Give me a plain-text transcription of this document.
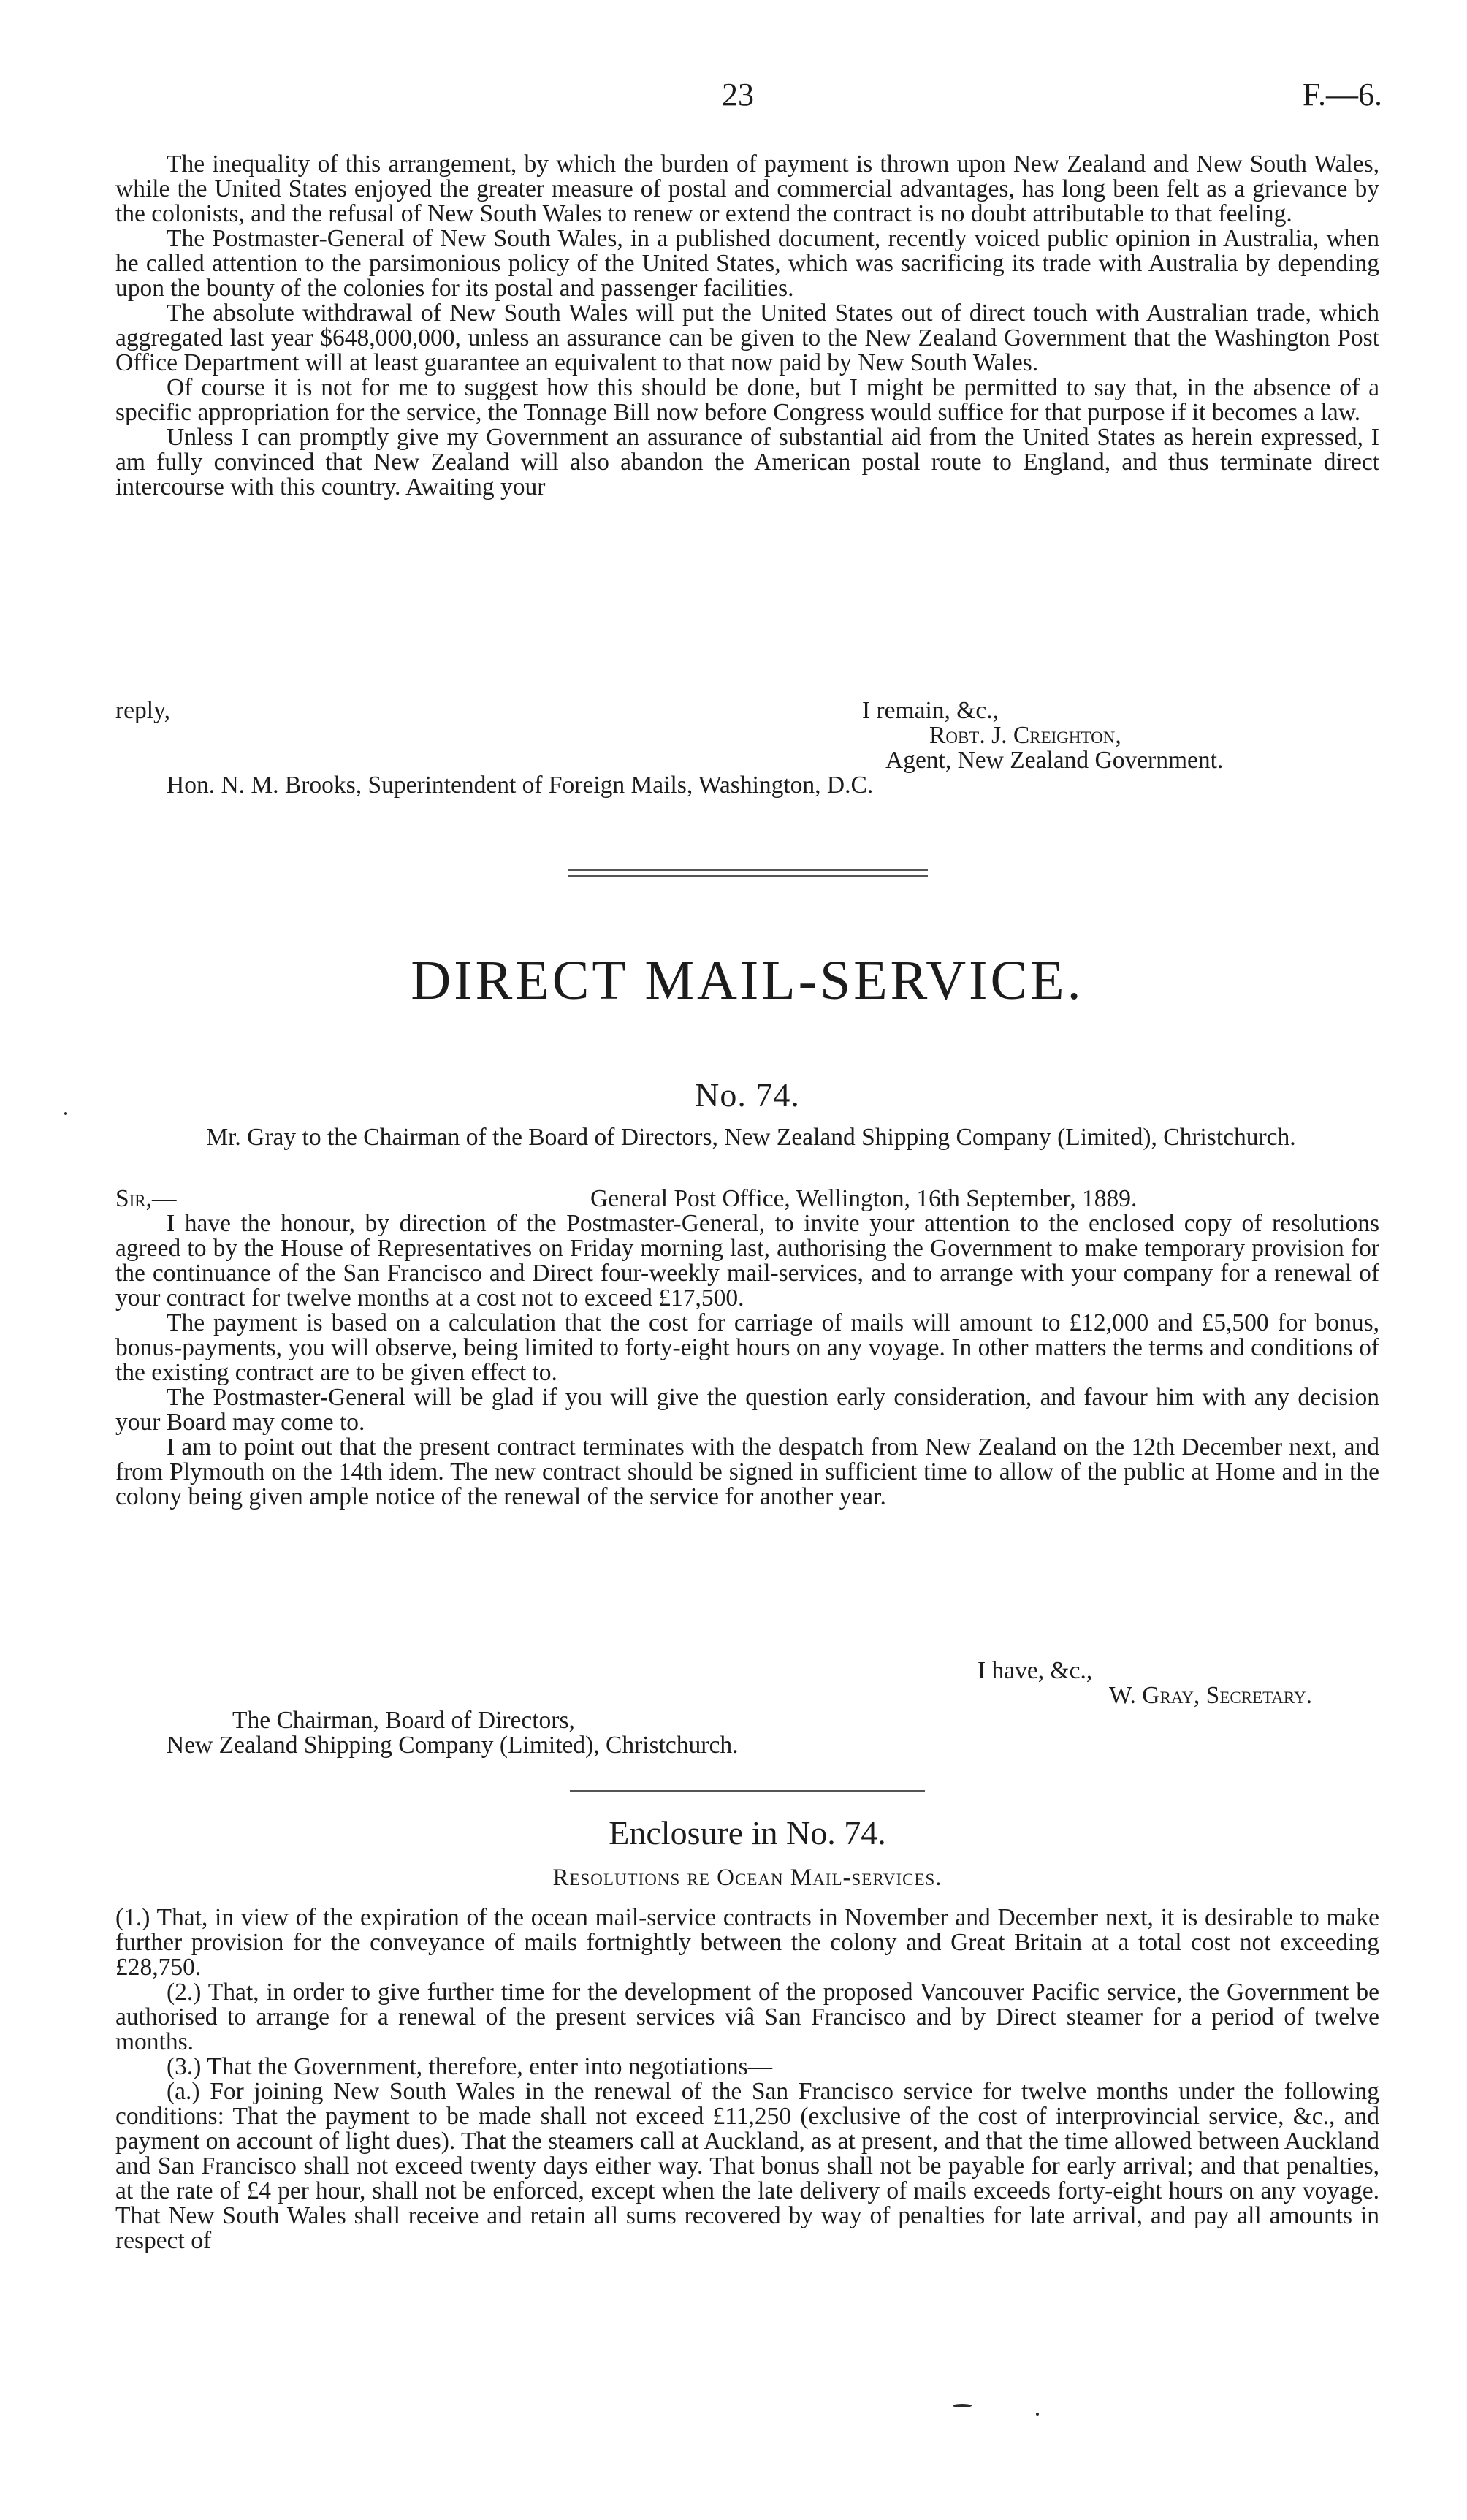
23	F.—6.

The inequality of this arrangement, by which the burden of payment is thrown upon New Zealand and New South Wales, while the United States enjoyed the greater measure of postal and commercial advantages, has long been felt as a grievance by the colonists, and the refusal of New South Wales to renew or extend the contract is no doubt attributable to that feeling.

The Postmaster-General of New South Wales, in a published document, recently voiced public opinion in Australia, when he called attention to the parsimonious policy of the United States, which was sacrificing its trade with Australia by depending upon the bounty of the colonies for its postal and passenger facilities.

The absolute withdrawal of New South Wales will put the United States out of direct touch with Australian trade, which aggregated last year $648,000,000, unless an assurance can be given to the New Zealand Government that the Washington Post Office Department will at least guarantee an equivalent to that now paid by New South Wales.

Of course it is not for me to suggest how this should be done, but I might be permitted to say that, in the absence of a specific appropriation for the service, the Tonnage Bill now before Congress would suffice for that purpose if it becomes a law.

Unless I can promptly give my Government an assurance of substantial aid from the United States as herein expressed, I am fully convinced that New Zealand will also abandon the American postal route to England, and thus terminate direct intercourse with this country. Awaiting your

reply,	I remain, &c.,
Robt. J. Creighton,
Agent, New Zealand Government.
Hon. N. M. Brooks, Superintendent of Foreign Mails, Washington, D.C.
DIRECT MAIL-SERVICE.
No. 74.

Mr. Gray to the Chairman of the Board of Directors, New Zealand Shipping Company (Limited), Christchurch.

Sir,—	General Post Office, Wellington, 16th September, 1889.

I have the honour, by direction of the Postmaster-General, to invite your attention to the enclosed copy of resolutions agreed to by the House of Representatives on Friday morning last, authorising the Government to make temporary provision for the continuance of the San Francisco and Direct four-weekly mail-services, and to arrange with your company for a renewal of your contract for twelve months at a cost not to exceed £17,500.

The payment is based on a calculation that the cost for carriage of mails will amount to £12,000 and £5,500 for bonus, bonus-payments, you will observe, being limited to forty-eight hours on any voyage. In other matters the terms and conditions of the existing contract are to be given effect to.

The Postmaster-General will be glad if you will give the question early consideration, and favour him with any decision your Board may come to.

I am to point out that the present contract terminates with the despatch from New Zealand on the 12th December next, and from Plymouth on the 14th idem. The new contract should be signed in sufficient time to allow of the public at Home and in the colony being given ample notice of the renewal of the service for another year.

I have, &c.,
W. Gray, Secretary.
The Chairman, Board of Directors,
New Zealand Shipping Company (Limited), Christchurch.
Enclosure in No. 74.
Resolutions re Ocean Mail-services.

(1.) That, in view of the expiration of the ocean mail-service contracts in November and December next, it is desirable to make further provision for the conveyance of mails fortnightly between the colony and Great Britain at a total cost not exceeding £28,750.

(2.) That, in order to give further time for the development of the proposed Vancouver Pacific service, the Government be authorised to arrange for a renewal of the present services viâ San Francisco and by Direct steamer for a period of twelve months.

(3.) That the Government, therefore, enter into negotiations—

(a.) For joining New South Wales in the renewal of the San Francisco service for twelve months under the following conditions: That the payment to be made shall not exceed £11,250 (exclusive of the cost of interprovincial service, &c., and payment on account of light dues). That the steamers call at Auckland, as at present, and that the time allowed between Auckland and San Francisco shall not exceed twenty days either way. That bonus shall not be payable for early arrival; and that penalties, at the rate of £4 per hour, shall not be enforced, except when the late delivery of mails exceeds forty-eight hours on any voyage. That New South Wales shall receive and retain all sums recovered by way of penalties for late arrival, and pay all amounts in respect of
